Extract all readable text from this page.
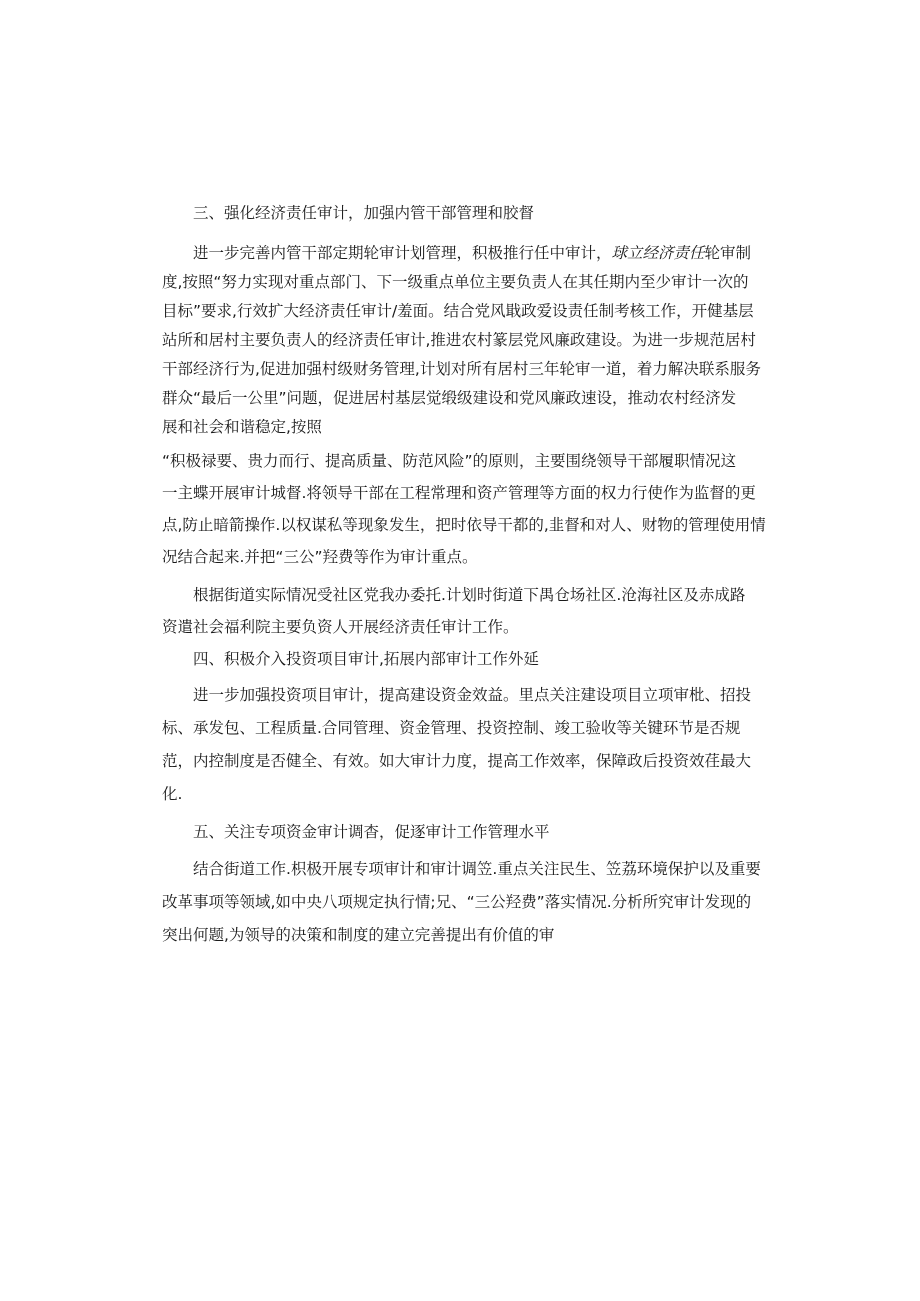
三、强化经济责任审计，加强内管干部管理和胶督
进一步完善内管干部定期轮审计划管理，积极推行任中审计，球立经济责任轮审制
度,按照“努力实现对重点部门、下一级重点单位主要负责人在其任期内至少审计一次的
目标”要求,行效扩大经济责任审计/羞面。结合党风戢政爱设责任制考核工作，开健基层
站所和居村主要负责人的经济责任审计,推进农村篆层党风廉政建设。为进一步规范居村
干部经济行为,促进加强村级财务管理,计划对所有居村三年轮审一道，着力解决联系服务
群众“最后一公里”问题，促进居村基层觉缎级建设和党风廉政速设，推动农村经济发
展和社会和谐稳定,按照
“积极禄要、贵力而行、提高质量、防范风险”的原则，主要围绕领导干部履职情况这
一主蝶开展审计城督.将领导干部在工程常理和资产管理等方面的权力行使作为监督的更
点,防止暗箭操作.以权谋私等现象发生，把时依导干都的,韭督和对人、财物的管理使用情
况结合起来.并把“三公”羟费等作为审计重点。
根据街道实际情况受社区党我办委托.计划时街道下禺仓场社区.沧海社区及赤成路
资遣社会福利院主要负资人开展经济责任审计工作。
四、积极介入投资项目审计,拓展内部审计工作外延
进一步加强投资项目审计，提高建设资金效益。里点关注建设项目立项审枇、招投
标、承发包、工程质量.合同管理、资金管理、投资控制、竣工验收等关键环节是否规
范，内控制度是否健全、有效。如大审计力度，提高工作效率，保障政后投资效荏最大
化.
五、关注专项资金审计调杳，促逐审计工作管理水平
结合街道工作.枳极开展专项审计和审计调笠.重点关注民生、笠荔环境保护以及重要
改革事项等领域,如中央八项规定执行情;兄、“三公羟费”落实情况.分析所究审计发现的
突出何题,为领导的决策和制度的建立完善提出有价值的审
